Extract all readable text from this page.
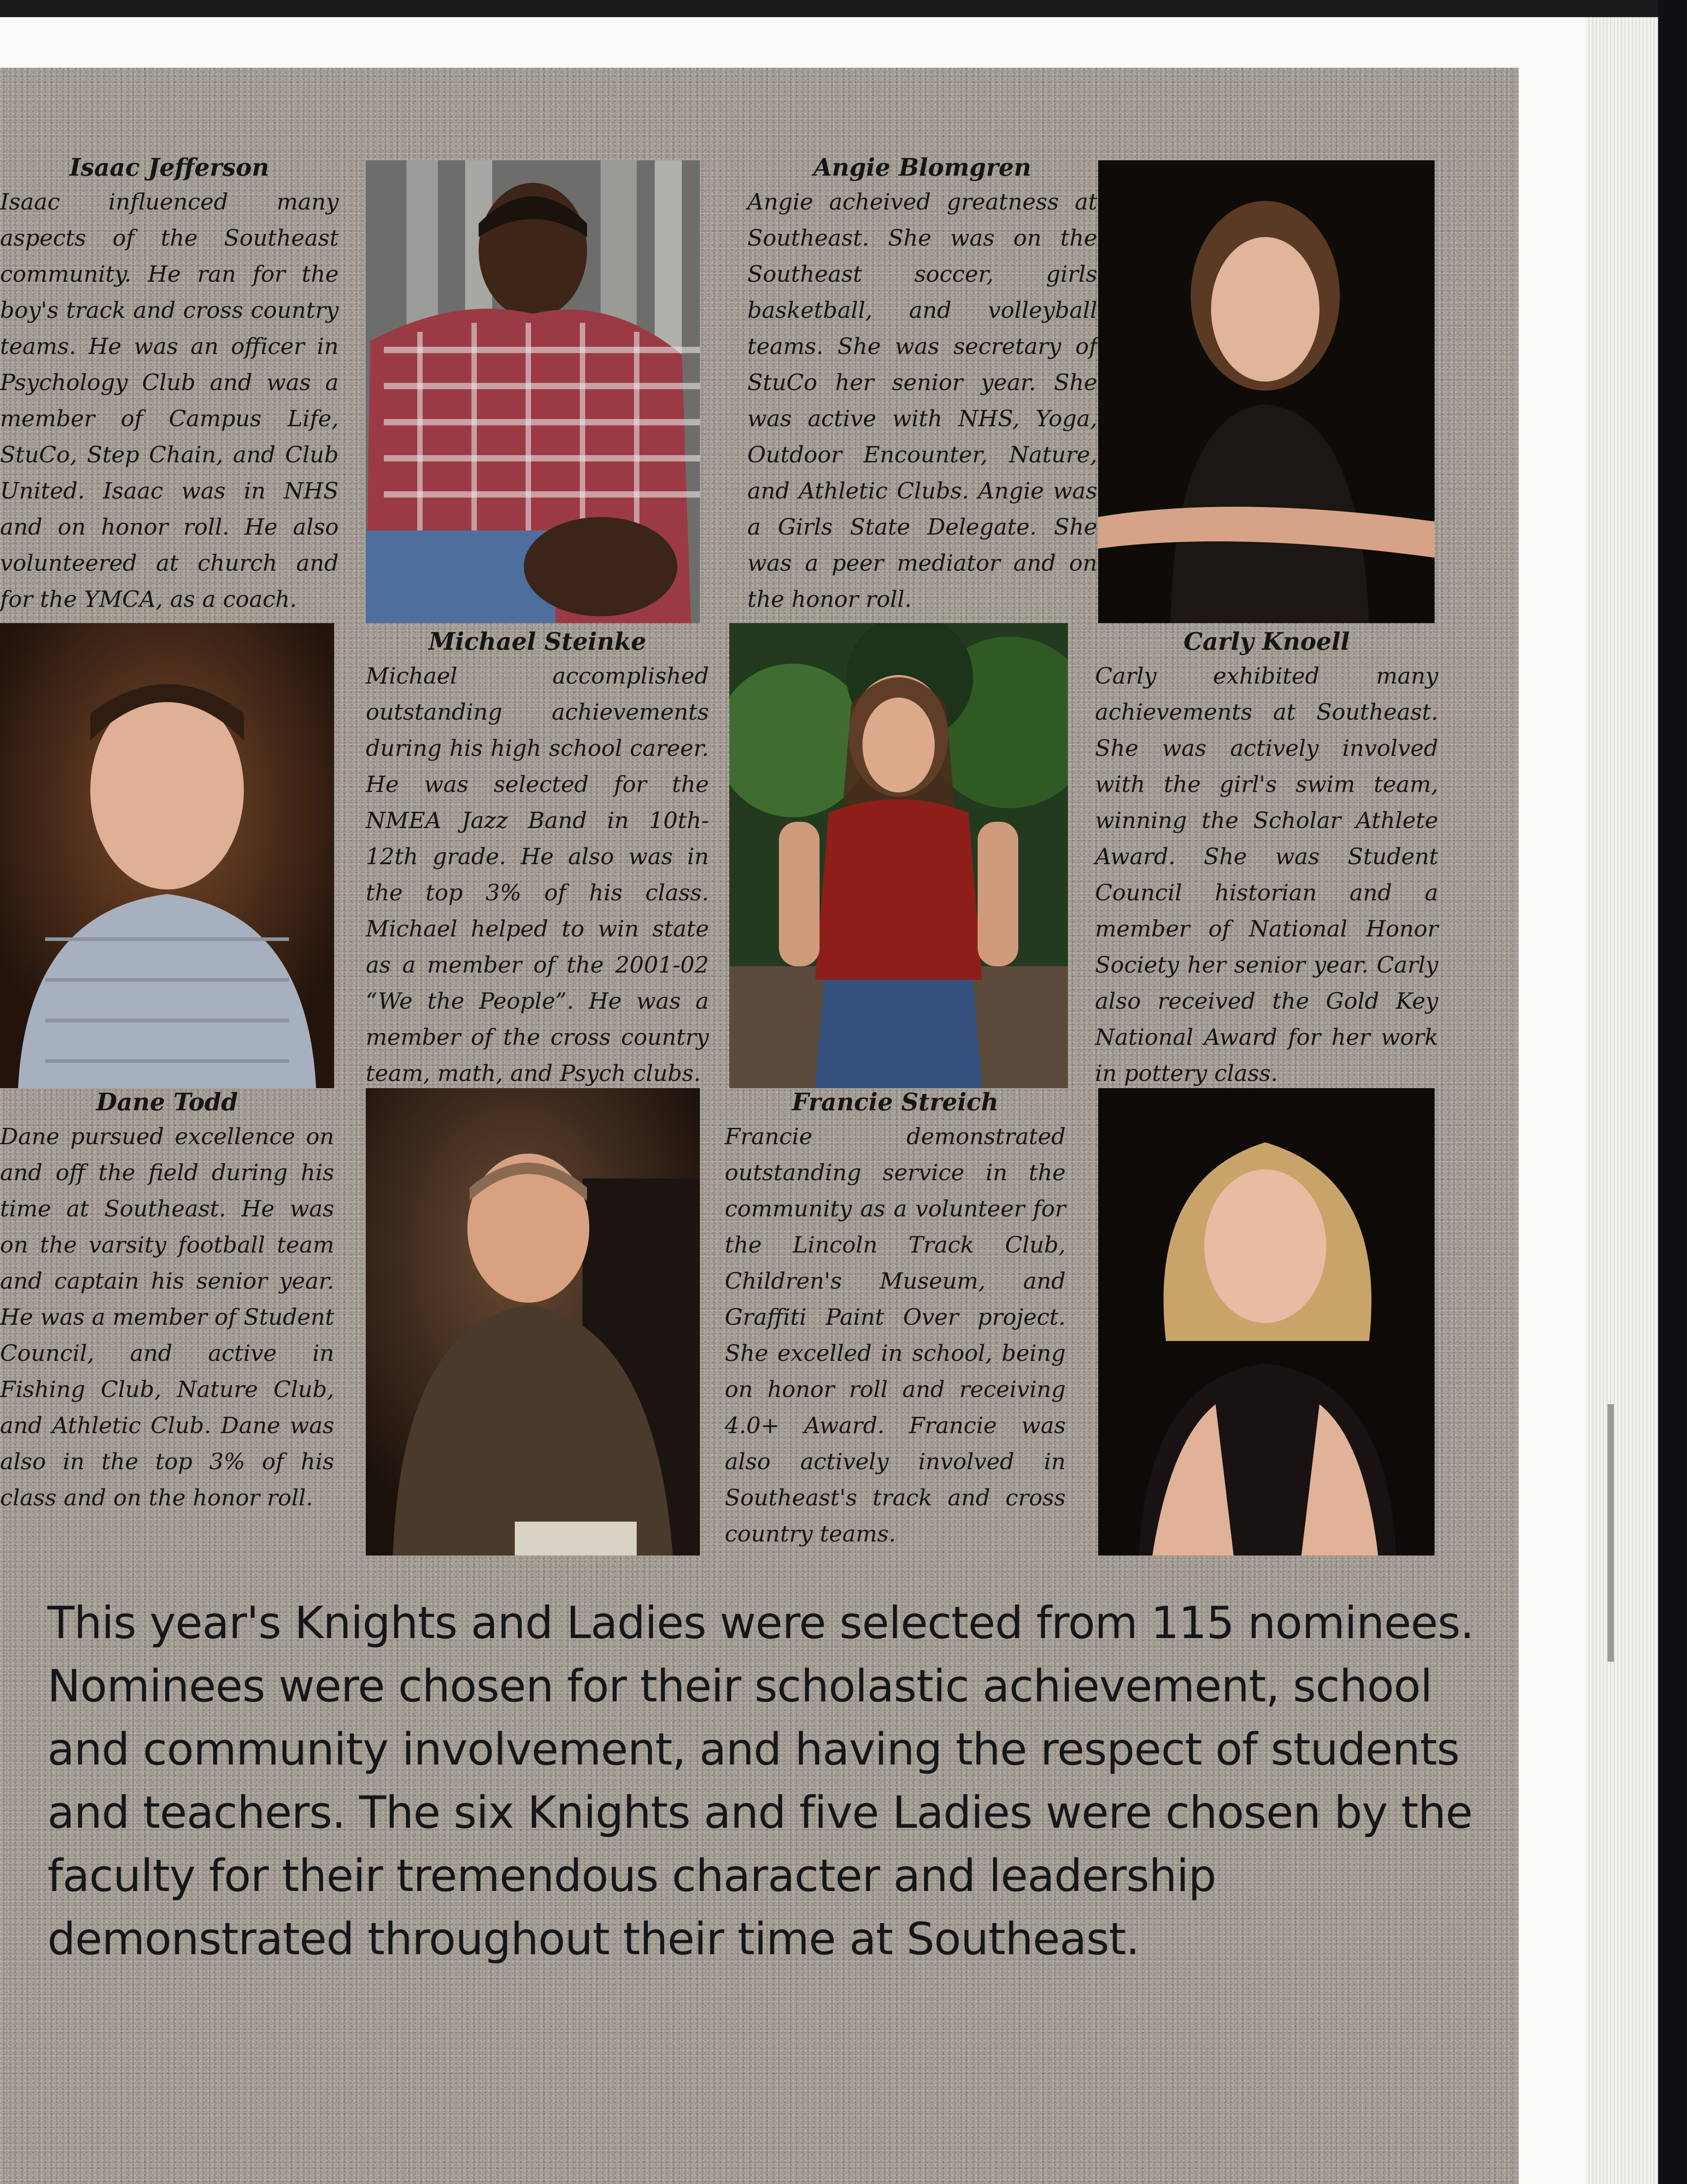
Isaac Jefferson

Isaac influenced many aspects of the Southeast community. He ran for the boy's track and cross country teams. He was an officer in Psychology Club and was a member of Campus Life, StuCo, Step Chain, and Club United. Isaac was in NHS and on honor roll. He also volunteered at church and for the YMCA, as a coach.

Angie Blomgren

Angie acheived greatness at Southeast. She was on the Southeast soccer, girls basketball, and volleyball teams. She was secretary of StuCo her senior year. She was active with NHS, Yoga, Outdoor Encounter, Nature, and Athletic Clubs. Angie was a Girls State Delegate. She was a peer mediator and on the honor roll.

Michael Steinke

Michael accomplished outstanding achievements during his high school career. He was selected for the NMEA Jazz Band in 10th-12th grade. He also was in the top 3% of his class. Michael helped to win state as a member of the 2001-02 “We the People”. He was a member of the cross country team, math, and Psych clubs.

Carly Knoell

Carly exhibited many achievements at Southeast. She was actively involved with the girl's swim team, winning the Scholar Athlete Award. She was Student Council historian and a member of National Honor Society her senior year. Carly also received the Gold Key National Award for her work in pottery class.

Dane Todd

Dane pursued excellence on and off the field during his time at Southeast. He was on the varsity football team and captain his senior year. He was a member of Student Council, and active in Fishing Club, Nature Club, and Athletic Club. Dane was also in the top 3% of his class and on the honor roll.

Francie Streich

Francie demonstrated outstanding service in the community as a volunteer for the Lincoln Track Club, Children's Museum, and Graffiti Paint Over project. She excelled in school, being on honor roll and receiving 4.0+ Award. Francie was also actively involved in Southeast's track and cross country teams.

This year's Knights and Ladies were selected from 115 nominees. Nominees were chosen for their scholastic achievement, school and community involvement, and having the respect of students and teachers. The six Knights and five Ladies were chosen by the faculty for their tremendous character and leadership demonstrated throughout their time at Southeast.
